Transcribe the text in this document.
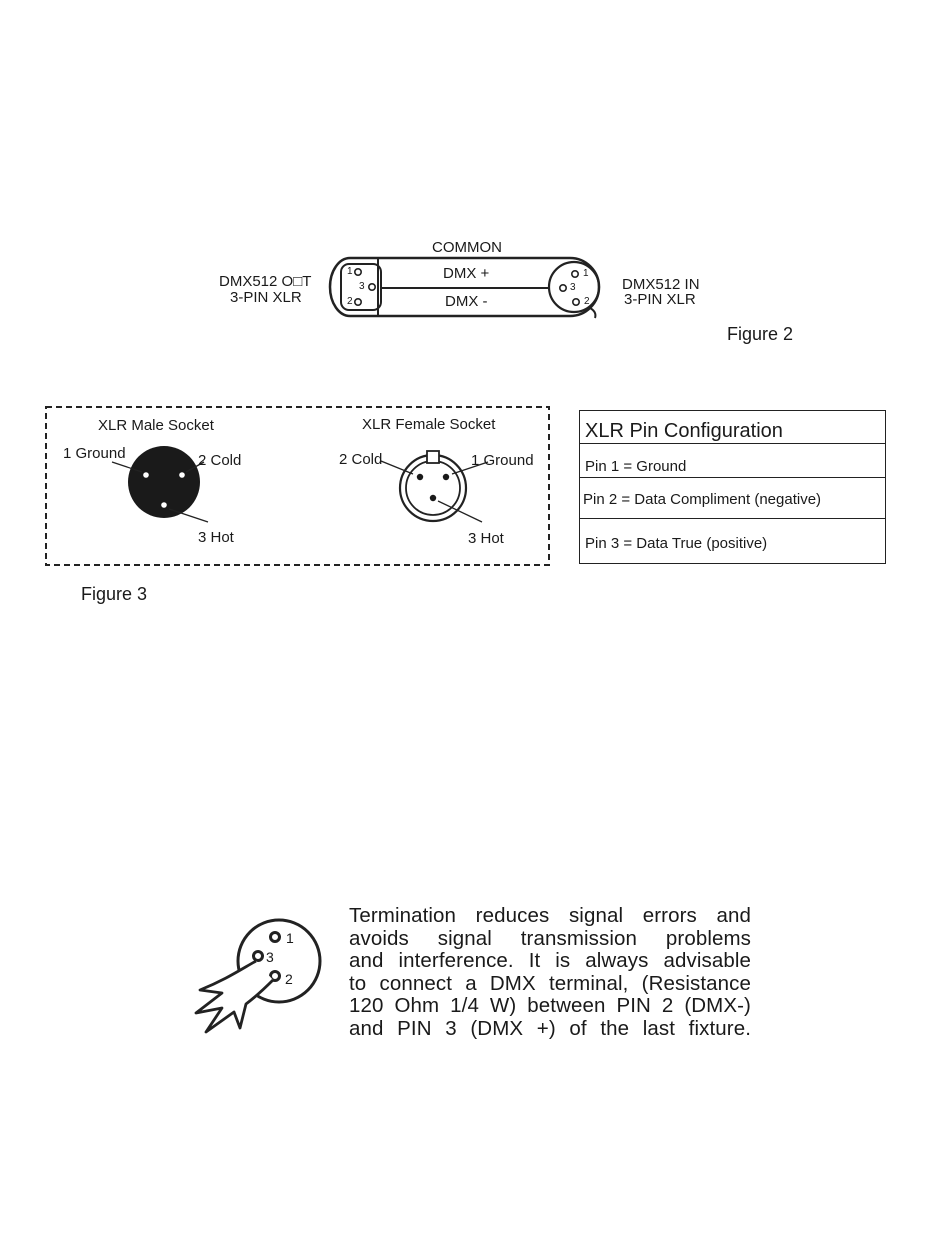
COMMON
DMX +
DMX -
1
3
2
1
3
2
DMX512 O□T
3-PIN XLR
DMX512 IN
3-PIN XLR
Figure 2
XLR Male Socket
1 Ground	2 Cold
3 Hot
XLR Female Socket
2 Cold	1 Ground
3 Hot
Figure 3
XLR Pin Configuration
Pin 1 = Ground
Pin 2 = Data Compliment (negative)
Pin 3 = Data True (positive)
1
3
2
Termination reduces signal errors and
avoids signal transmission problems
and interference. It is always advisable
to connect a DMX terminal, (Resistance
120 Ohm 1/4 W) between PIN 2 (DMX-)
and PIN 3 (DMX +) of the last fixture.
